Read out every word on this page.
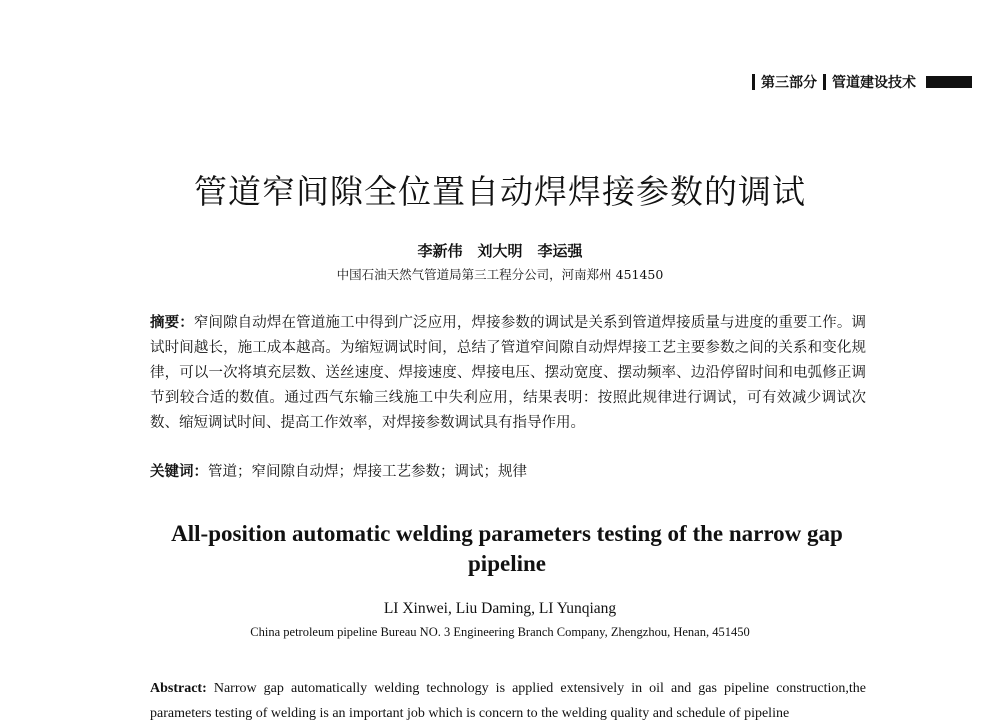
第三部分 管道建设技术
管道窄间隙全位置自动焊焊接参数的调试
李新伟　刘大明　李运强
中国石油天然气管道局第三工程分公司，河南郑州 451450
摘要：窄间隙自动焊在管道施工中得到广泛应用，焊接参数的调试是关系到管道焊接质量与进度的重要工作。调试时间越长，施工成本越高。为缩短调试时间，总结了管道窄间隙自动焊焊接工艺主要参数之间的关系和变化规律，可以一次将填充层数、送丝速度、焊接速度、焊接电压、摆动宽度、摆动频率、边沿停留时间和电弧修正调节到较合适的数值。通过西气东输三线施工中失利应用，结果表明：按照此规律进行调试，可有效减少调试次数、缩短调试时间、提高工作效率，对焊接参数调试具有指导作用。
关键词：管道；窄间隙自动焊；焊接工艺参数；调试；规律
All-position automatic welding parameters testing of the narrow gap pipeline
LI Xinwei, Liu Daming, LI Yunqiang
China petroleum pipeline Bureau NO. 3 Engineering Branch Company, Zhengzhou, Henan, 451450
Abstract: Narrow gap automatically welding technology is applied extensively in oil and gas pipeline construction,the parameters testing of welding is an important job which is concern to the welding quality and schedule of pipeline
